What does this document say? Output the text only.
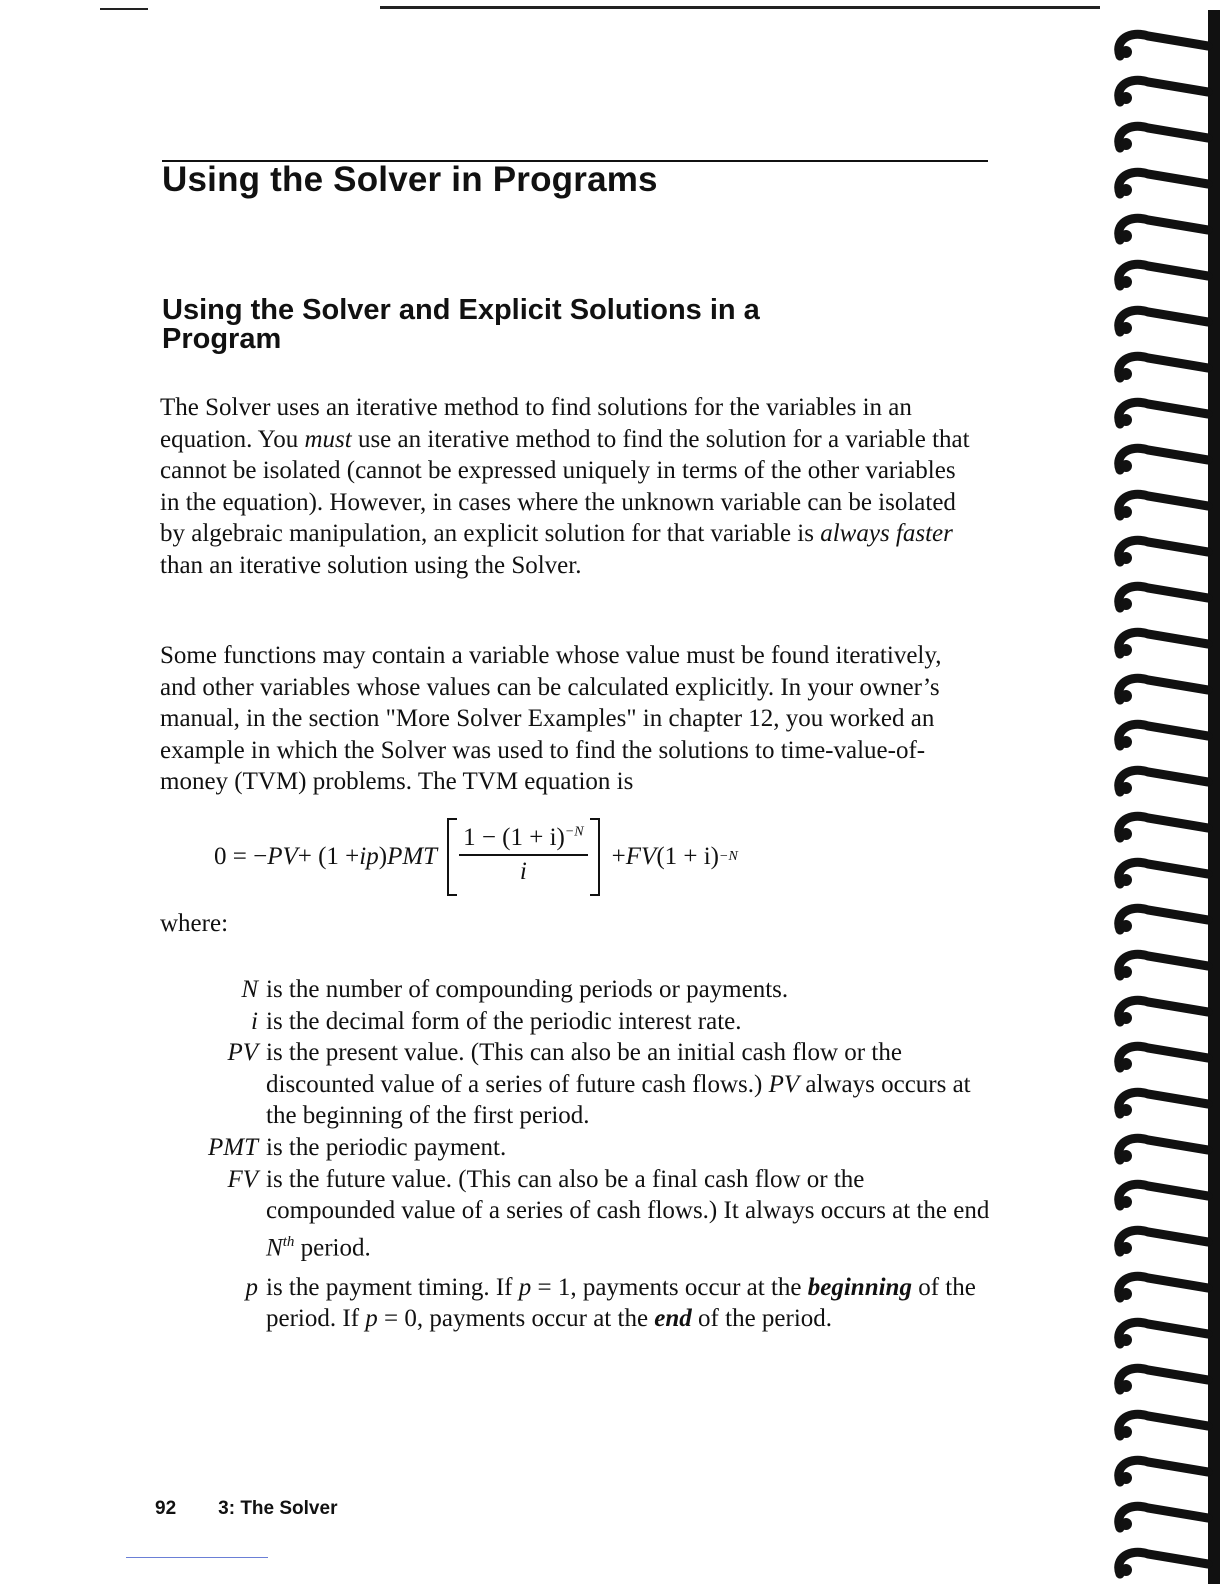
Using the Solver in Programs
Using the Solver and Explicit Solutions in a
Program

The Solver uses an iterative method to find solutions for the variables in an equation. You must use an iterative method to find the solution for a variable that cannot be isolated (cannot be expressed uniquely in terms of the other variables in the equation). However, in cases where the unknown variable can be isolated by algebraic manipulation, an explicit solution for that variable is always faster than an iterative solution using the Solver.

Some functions may contain a variable whose value must be found iteratively, and other variables whose values can be calculated explicitly. In your owner’s manual, in the section "More Solver Examples" in chapter 12, you worked an example in which the Solver was used to find the solutions to time-value-of-money (TVM) problems. The TVM equation is

0 = − PV + (1 + ip ) PMT
$1 - (1 + i)^{-N}$
i
+ FV (1 + i) −N
where:
N is the number of compounding periods or payments.
i is the decimal form of the periodic interest rate.
PV is the present value. (This can also be an initial cash flow or the discounted value of a series of future cash flows.) PV always occurs at the beginning of the first period.
PMT is the periodic payment.
FV is the future value. (This can also be a final cash flow or the compounded value of a series of cash flows.) It always occurs at the end $N^{th}$ period.
p is the payment timing. If p = 1, payments occur at the beginning of the period. If p = 0, payments occur at the end of the period.
92 3: The Solver
